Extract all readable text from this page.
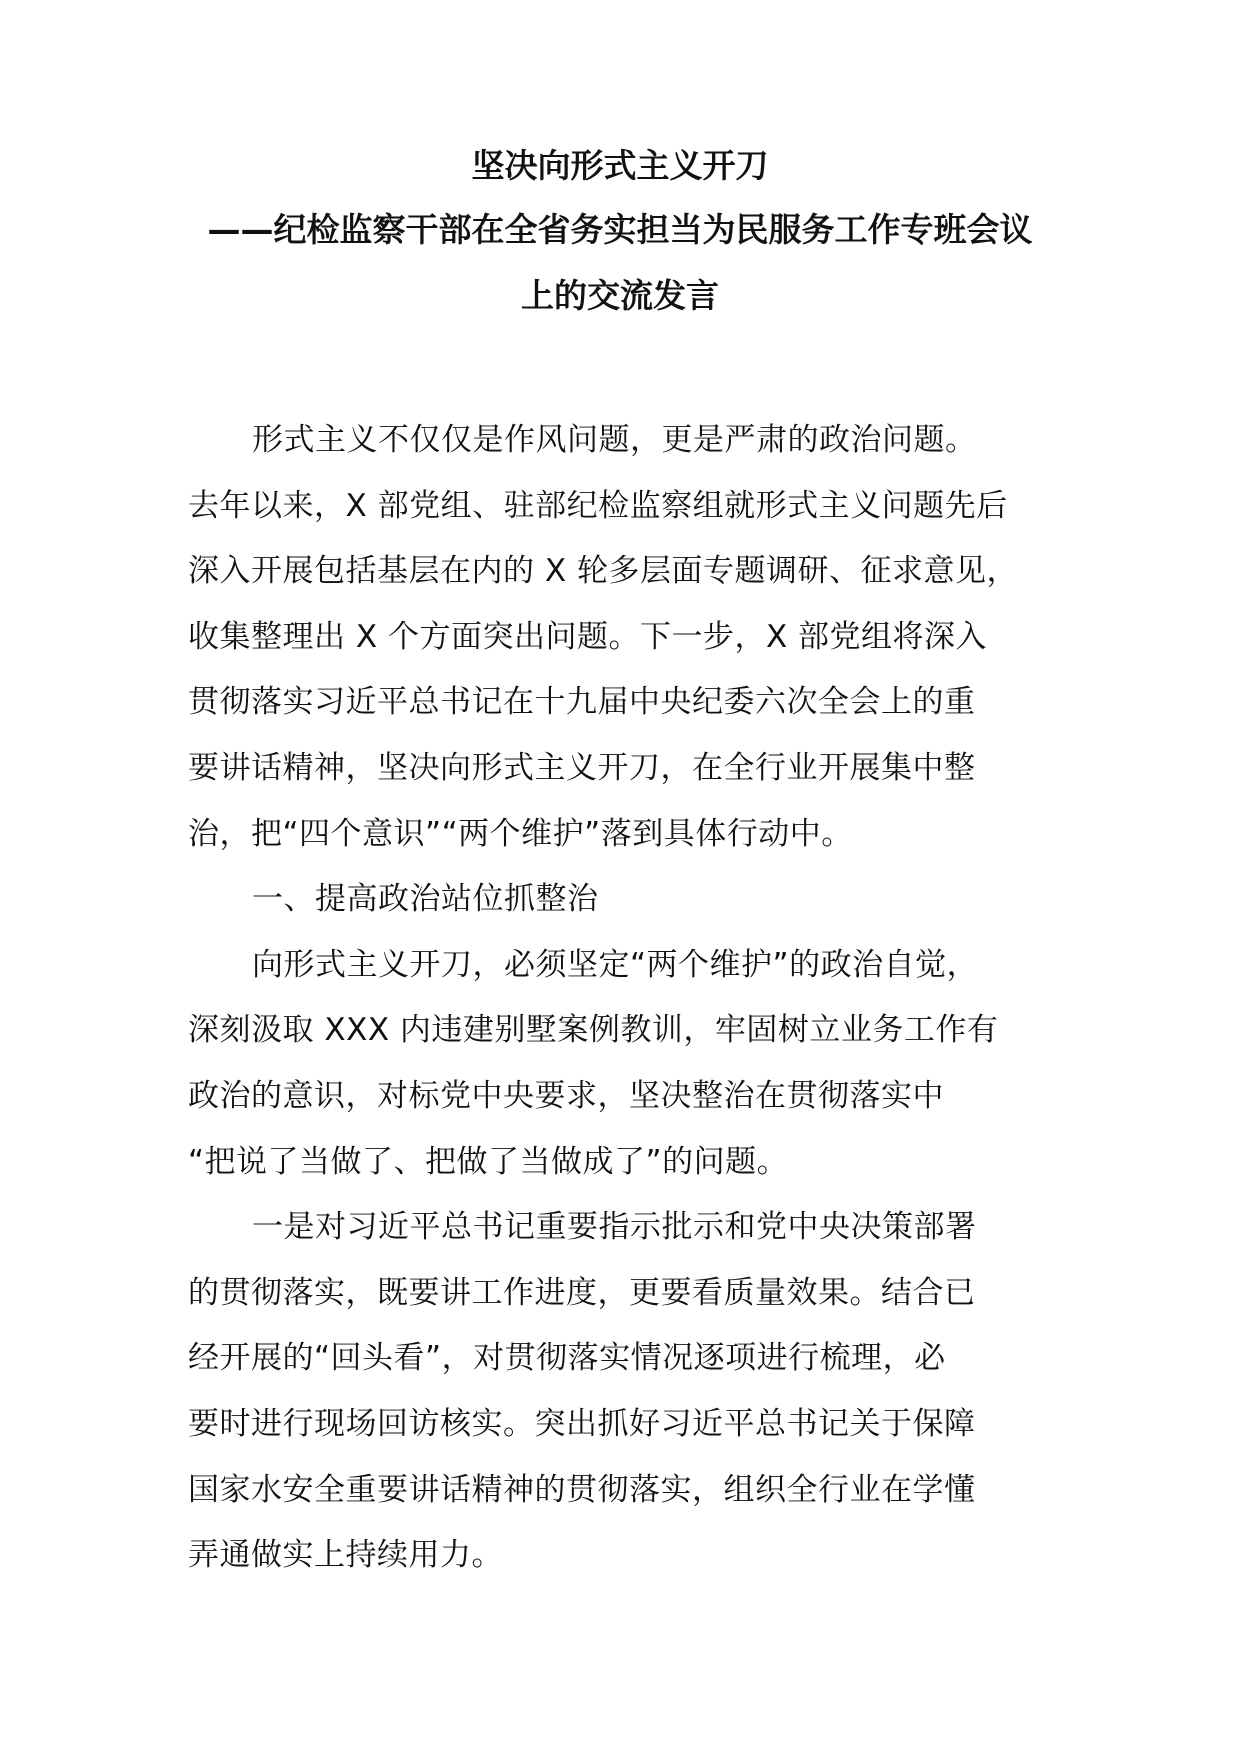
坚决向形式主义开刀
——纪检监察干部在全省务实担当为民服务工作专班会议
上的交流发言
形式主义不仅仅是作风问题，更是严肃的政治问题。
去年以来，X 部党组、驻部纪检监察组就形式主义问题先后
深入开展包括基层在内的 X 轮多层面专题调研、征求意见，
收集整理出 X 个方面突出问题。下一步，X 部党组将深入
贯彻落实习近平总书记在十九届中央纪委六次全会上的重
要讲话精神，坚决向形式主义开刀，在全行业开展集中整
治，把“四个意识”“两个维护”落到具体行动中。
一、提高政治站位抓整治
向形式主义开刀，必须坚定“两个维护”的政治自觉，
深刻汲取 XXX 内违建别墅案例教训，牢固树立业务工作有
政治的意识，对标党中央要求，坚决整治在贯彻落实中
“把说了当做了、把做了当做成了”的问题。
一是对习近平总书记重要指示批示和党中央决策部署
的贯彻落实，既要讲工作进度，更要看质量效果。结合已
经开展的“回头看”，对贯彻落实情况逐项进行梳理，必
要时进行现场回访核实。突出抓好习近平总书记关于保障
国家水安全重要讲话精神的贯彻落实，组织全行业在学懂
弄通做实上持续用力。
